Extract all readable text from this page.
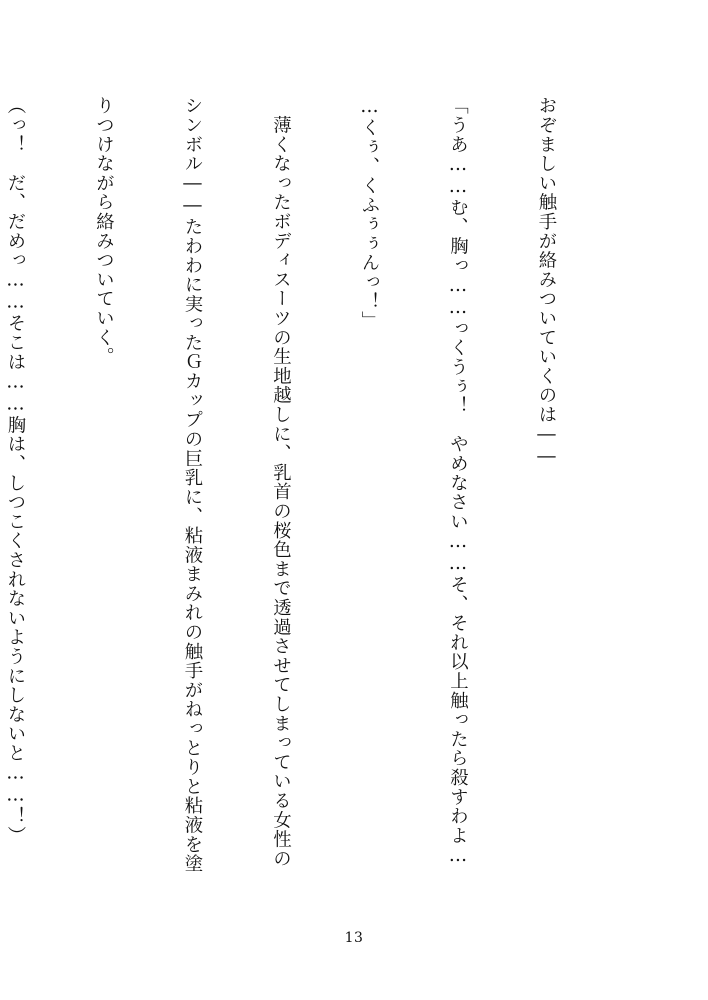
おぞましい触手が絡みついていくのは――

「うあ……む、胸っ……っくうぅ！　やめなさい……そ、それ以上触ったら殺すわよ…

…くぅ、くふぅぅんっ！」

　薄くなったボディスーツの生地越しに、乳首の桜色まで透過させてしまっている女性の

シンボル――たわわに実ったＧカップの巨乳に、粘液まみれの触手がねっとりと粘液を塗

りつけながら絡みついていく。

（っ！　だ、だめっ……そこは……胸は、しつこくされないようにしないと……！）

13
